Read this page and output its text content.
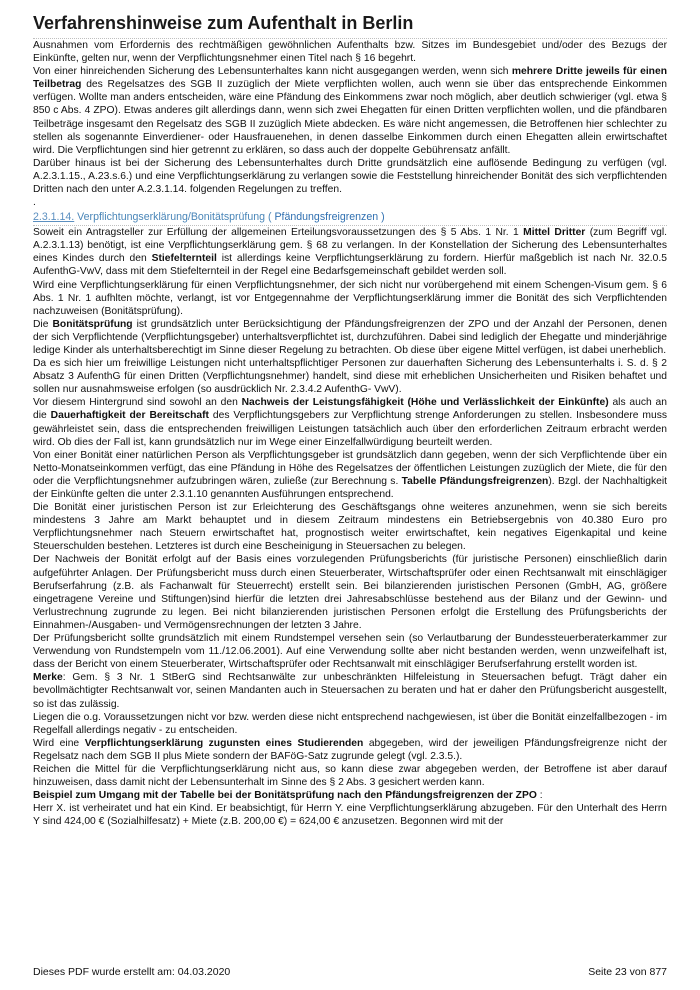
Verfahrenshinweise zum Aufenthalt in Berlin

Ausnahmen vom Erfordernis des rechtmäßigen gewöhnlichen Aufenthalts bzw. Sitzes im Bundesgebiet und/oder des Bezugs der Einkünfte, gelten nur, wenn der Verpflichtungsnehmer einen Titel nach § 16 begehrt.

Von einer hinreichenden Sicherung des Lebensunterhaltes kann nicht ausgegangen werden, wenn sich mehrere Dritte jeweils für einen Teilbetrag des Regelsatzes des SGB II zuzüglich der Miete verpflichten wollen, auch wenn sie über das entsprechende Einkommen verfügen. Wollte man anders entscheiden, wäre eine Pfändung des Einkommens zwar noch möglich, aber deutlich schwieriger (vgl. etwa § 850 c Abs. 4 ZPO). Etwas anderes gilt allerdings dann, wenn sich zwei Ehegatten für einen Dritten verpflichten wollen, und die pfändbaren Teilbeträge insgesamt den Regelsatz des SGB II zuzüglich Miete abdecken. Es wäre nicht angemessen, die Betroffenen hier schlechter zu stellen als sogenannte Einverdiener- oder Hausfrauenehen, in denen dasselbe Einkommen durch einen Ehegatten allein erwirtschaftet wird. Die Verpflichtungen sind hier getrennt zu erklären, so dass auch der doppelte Gebührensatz anfällt.

Darüber hinaus ist bei der Sicherung des Lebensunterhaltes durch Dritte grundsätzlich eine auflösende Bedingung zu verfügen (vgl. A.2.3.1.15., A.23.s.6.) und eine Verpflichtungserklärung zu verlangen sowie die Feststellung hinreichender Bonität des sich verpflichtenden Dritten nach den unter A.2.3.1.14. folgenden Regelungen zu treffen.

.

2.3.1.14. Verpflichtungserklärung/Bonitätsprüfung ( Pfändungsfreigrenzen )

Soweit ein Antragsteller zur Erfüllung der allgemeinen Erteilungsvoraussetzungen des § 5 Abs. 1 Nr. 1 Mittel Dritter (zum Begriff vgl. A.2.3.1.13) benötigt, ist eine Verpflichtungserklärung gem. § 68 zu verlangen. In der Konstellation der Sicherung des Lebensunterhaltes eines Kindes durch den Stiefelternteil ist allerdings keine Verpflichtungserklärung zu fordern. Hierfür maßgeblich ist nach Nr. 32.0.5 AufenthG-VwV, dass mit dem Stiefelternteil in der Regel eine Bedarfsgemeinschaft gebildet werden soll.

Wird eine Verpflichtungserklärung für einen Verpflichtungsnehmer, der sich nicht nur vorübergehend mit einem Schengen-Visum gem. § 6 Abs. 1 Nr. 1 aufhlten möchte, verlangt, ist vor Entgegennahme der Verpflichtungserklärung immer die Bonität des sich Verpflichtenden nachzuweisen (Bonitätsprüfung).

Die Bonitätsprüfung ist grundsätzlich unter Berücksichtigung der Pfändungsfreigrenzen der ZPO und der Anzahl der Personen, denen der sich Verpflichtende (Verpflichtungsgeber) unterhaltsverpflichtet ist, durchzuführen. Dabei sind lediglich der Ehegatte und minderjährige ledige Kinder als unterhaltsberechtigt im Sinne dieser Regelung zu betrachten. Ob diese über eigene Mittel verfügen, ist dabei unerheblich.

Da es sich hier um freiwillige Leistungen nicht unterhaltspflichtiger Personen zur dauerhaften Sicherung des Lebensunterhalts i. S. d. § 2 Absatz 3 AufenthG für einen Dritten (Verpflichtungsnehmer) handelt, sind diese mit erheblichen Unsicherheiten und Risiken behaftet und sollen nur ausnahmsweise erfolgen (so ausdrücklich Nr. 2.3.4.2 AufenthG- VwV).

Vor diesem Hintergrund sind sowohl an den Nachweis der Leistungsfähigkeit (Höhe und Verlässlichkeit der Einkünfte) als auch an die Dauerhaftigkeit der Bereitschaft des Verpflichtungsgebers zur Verpflichtung strenge Anforderungen zu stellen. Insbesondere muss gewährleistet sein, dass die entsprechenden freiwilligen Leistungen tatsächlich auch über den erforderlichen Zeitraum erbracht werden wird. Ob dies der Fall ist, kann grundsätzlich nur im Wege einer Einzelfallwürdigung beurteilt werden.

Von einer Bonität einer natürlichen Person als Verpflichtungsgeber ist grundsätzlich dann gegeben, wenn der sich Verpflichtende über ein Netto-Monatseinkommen verfügt, das eine Pfändung in Höhe des Regelsatzes der öffentlichen Leistungen zuzüglich der Miete, die für den oder die Verpflichtungsnehmer aufzubringen wären, zuließe (zur Berechnung s. Tabelle Pfändungsfreigrenzen). Bzgl. der Nachhaltigkeit der Einkünfte gelten die unter 2.3.1.10 genannten Ausführungen entsprechend.

Die Bonität einer juristischen Person ist zur Erleichterung des Geschäftsgangs ohne weiteres anzunehmen, wenn sie sich bereits mindestens 3 Jahre am Markt behauptet und in diesem Zeitraum mindestens ein Betriebsergebnis von 40.380 Euro pro Verpflichtungsnehmer nach Steuern erwirtschaftet hat, prognostisch weiter erwirtschaftet, kein negatives Eigenkapital und keine Steuerschulden bestehen. Letzteres ist durch eine Bescheinigung in Steuersachen zu belegen.

Der Nachweis der Bonität erfolgt auf der Basis eines vorzulegenden Prüfungsberichts (für juristische Personen) einschließlich darin aufgeführter Anlagen. Der Prüfungsbericht muss durch einen Steuerberater, Wirtschaftsprüfer oder einen Rechtsanwalt mit einschlägiger Berufserfahrung (z.B. als Fachanwalt für Steuerrecht) erstellt sein. Bei bilanzierenden juristischen Personen (GmbH, AG, größere eingetragene Vereine und Stiftungen)sind hierfür die letzten drei Jahresabschlüsse bestehend aus der Bilanz und der Gewinn- und Verlustrechnung zugrunde zu legen. Bei nicht bilanzierenden juristischen Personen erfolgt die Erstellung des Prüfungsberichts der Einnahmen-/Ausgaben- und Vermögensrechnungen der letzten 3 Jahre.

Der Prüfungsbericht sollte grundsätzlich mit einem Rundstempel versehen sein (so Verlautbarung der Bundessteuerberaterkammer zur Verwendung von Rundstempeln vom 11./12.06.2001). Auf eine Verwendung sollte aber nicht bestanden werden, wenn unzweifelhaft ist, dass der Bericht von einem Steuerberater, Wirtschaftsprüfer oder Rechtsanwalt mit einschlägiger Berufserfahrung erstellt worden ist.

Merke: Gem. § 3 Nr. 1 StBerG sind Rechtsanwälte zur unbeschränkten Hilfeleistung in Steuersachen befugt. Trägt daher ein bevollmächtigter Rechtsanwalt vor, seinen Mandanten auch in Steuersachen zu beraten und hat er daher den Prüfungsbericht ausgestellt, so ist das zulässig.

Liegen die o.g. Voraussetzungen nicht vor bzw. werden diese nicht entsprechend nachgewiesen, ist über die Bonität einzelfallbezogen - im Regelfall allerdings negativ - zu entscheiden.

Wird eine Verpflichtungserklärung zugunsten eines Studierenden abgegeben, wird der jeweiligen Pfändungsfreigrenze nicht der Regelsatz nach dem SGB II plus Miete sondern der BAFöG-Satz zugrunde gelegt (vgl. 2.3.5.).

Reichen die Mittel für die Verpflichtungserklärung nicht aus, so kann diese zwar abgegeben werden, der Betroffene ist aber darauf hinzuweisen, dass damit nicht der Lebensunterhalt im Sinne des § 2 Abs. 3 gesichert werden kann.

Beispiel zum Umgang mit der Tabelle bei der Bonitätsprüfung nach den Pfändungsfreigrenzen der ZPO :

Herr X. ist verheiratet und hat ein Kind. Er beabsichtigt, für Herrn Y. eine Verpflichtungserklärung abzugeben. Für den Unterhalt des Herrn Y sind 424,00 € (Sozialhilfesatz) + Miete (z.B. 200,00 €) = 624,00 € anzusetzen. Begonnen wird mit der

Dieses PDF wurde erstellt am: 04.03.2020	Seite 23 von 877
